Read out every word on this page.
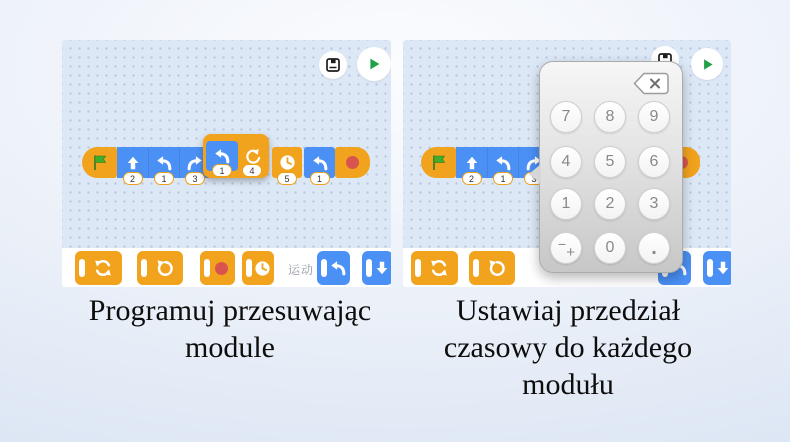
2	1	3
1	4
5	1
运动
2	1	3
7	8	9
4	5	6
1	2	3
− +	0	.
Programuj przesuwając
module
Ustawiaj przedział
czasowy do każdego
modułu
